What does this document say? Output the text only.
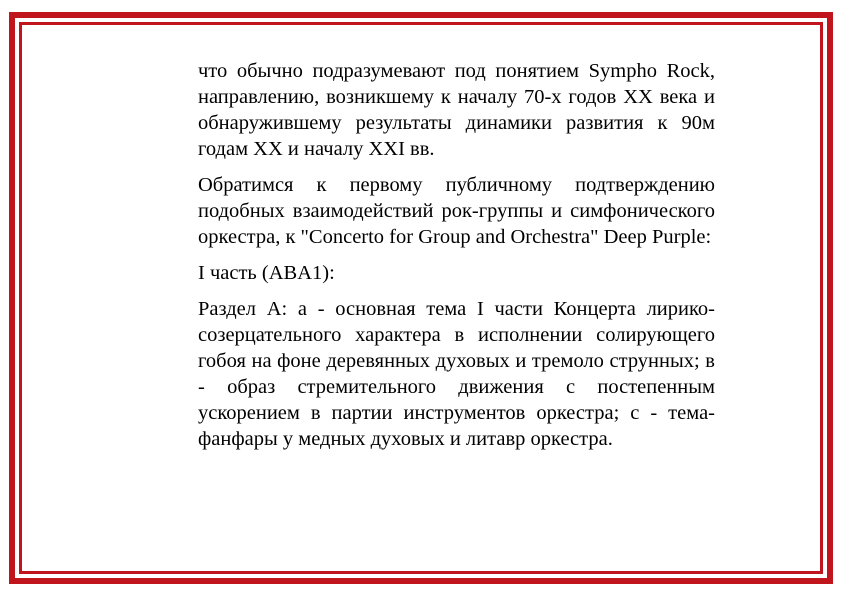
что обычно подразумевают под понятием Sympho Rock, направлению, возникшему к началу 70-х годов XX века и обнаружившему результаты динамики развития к 90м годам XX и началу XXI вв.

Обратимся к первому публичному подтверждению подобных взаимодействий рок-группы и симфонического оркестра, к "Concerto for Group and Orchestra" Deep Purple:

I часть (ABA1):

Раздел A: а - основная тема I части Концерта лирико-созерцательного характера в исполнении солирующего гобоя на фоне деревянных духовых и тремоло струнных; в - образ стремительного движения с постепенным ускорением в партии инструментов оркестра; с - тема-фанфары у медных духовых и литавр оркестра.
